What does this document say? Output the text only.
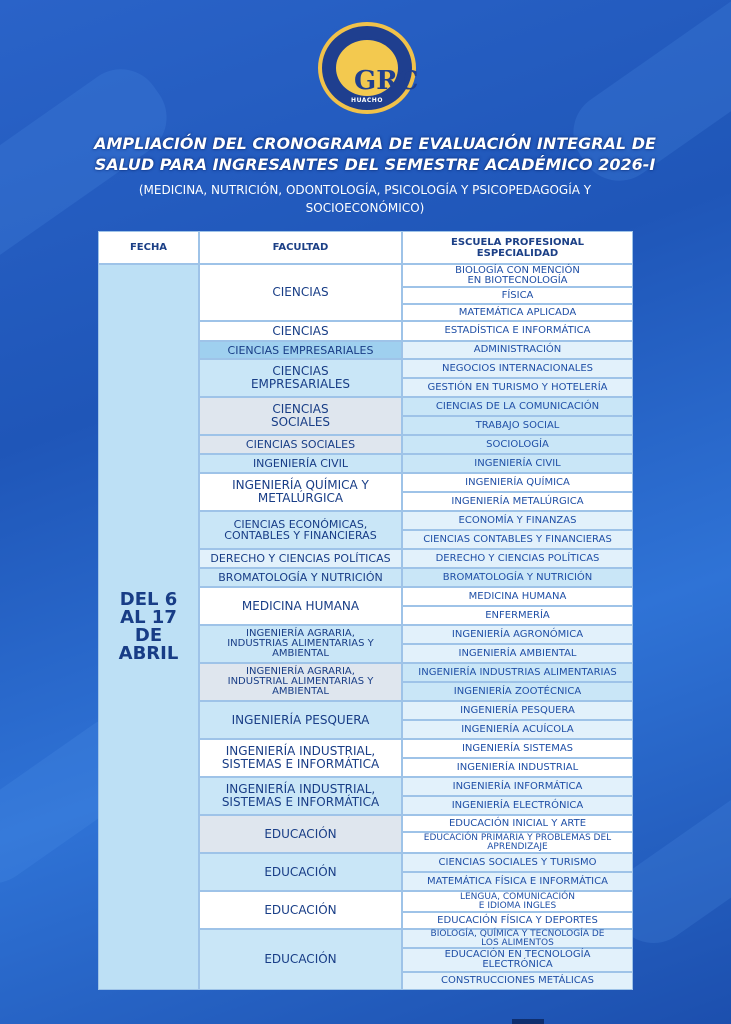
GRC
HUACHO
AMPLIACIÓN DEL CRONOGRAMA DE EVALUACIÓN INTEGRAL DE SALUD PARA INGRESANTES DEL SEMESTRE ACADÉMICO 2026-I
(MEDICINA, NUTRICIÓN, ODONTOLOGÍA, PSICOLOGÍA Y PSICOPEDAGOGÍA Y SOCIOECONÓMICO)
FECHA	FACULTAD	ESCUELA PROFESIONAL ESPECIALIDAD
DEL 6 AL 17 DE ABRIL
CIENCIAS
CIENCIAS
CIENCIAS EMPRESARIALES
CIENCIAS EMPRESARIALES
CIENCIAS SOCIALES
CIENCIAS SOCIALES
INGENIERÍA CIVIL
INGENIERÍA QUÍMICA Y METALÚRGICA
CIENCIAS ECONÓMICAS, CONTABLES Y FINANCIERAS
DERECHO Y CIENCIAS POLÍTICAS
BROMATOLOGÍA Y NUTRICIÓN
MEDICINA HUMANA
INGENIERÍA AGRARIA, INDUSTRIAS ALIMENTARIAS Y AMBIENTAL
INGENIERÍA AGRARIA, INDUSTRIAL ALIMENTARIAS Y AMBIENTAL
INGENIERÍA PESQUERA
INGENIERÍA INDUSTRIAL, SISTEMAS E INFORMÁTICA
INGENIERÍA INDUSTRIAL, SISTEMAS E INFORMÁTICA
EDUCACIÓN
EDUCACIÓN
EDUCACIÓN
EDUCACIÓN
BIOLOGÍA CON MENCIÓN EN BIOTECNOLOGÍA
FÍSICA
MATEMÁTICA APLICADA
ESTADÍSTICA E INFORMÁTICA
ADMINISTRACIÓN
NEGOCIOS INTERNACIONALES
GESTIÓN EN TURISMO Y HOTELERÍA
CIENCIAS DE LA COMUNICACIÓN
TRABAJO SOCIAL
SOCIOLOGÍA
INGENIERÍA CIVIL
INGENIERÍA QUÍMICA
INGENIERÍA METALÚRGICA
ECONOMÍA Y FINANZAS
CIENCIAS CONTABLES Y FINANCIERAS
DERECHO Y CIENCIAS POLÍTICAS
BROMATOLOGÍA Y NUTRICIÓN
MEDICINA HUMANA
ENFERMERÍA
INGENIERÍA AGRONÓMICA
INGENIERÍA AMBIENTAL
INGENIERÍA INDUSTRIAS ALIMENTARIAS
INGENIERÍA ZOOTÉCNICA
INGENIERÍA PESQUERA
INGENIERÍA ACUÍCOLA
INGENIERÍA SISTEMAS
INGENIERÍA INDUSTRIAL
INGENIERÍA INFORMÁTICA
INGENIERÍA ELECTRÓNICA
EDUCACIÓN INICIAL Y ARTE
EDUCACIÓN PRIMARIA Y PROBLEMAS DEL APRENDIZAJE
CIENCIAS SOCIALES Y TURISMO
MATEMÁTICA FÍSICA E INFORMÁTICA
LENGUA, COMUNICACIÓN E IDIOMA INGLES
EDUCACIÓN FÍSICA Y DEPORTES
BIOLOGÍA, QUÍMICA Y TECNOLOGÍA DE LOS ALIMENTOS
EDUCACIÓN EN TECNOLOGÍA ELECTRÓNICA
CONSTRUCCIONES METÁLICAS
